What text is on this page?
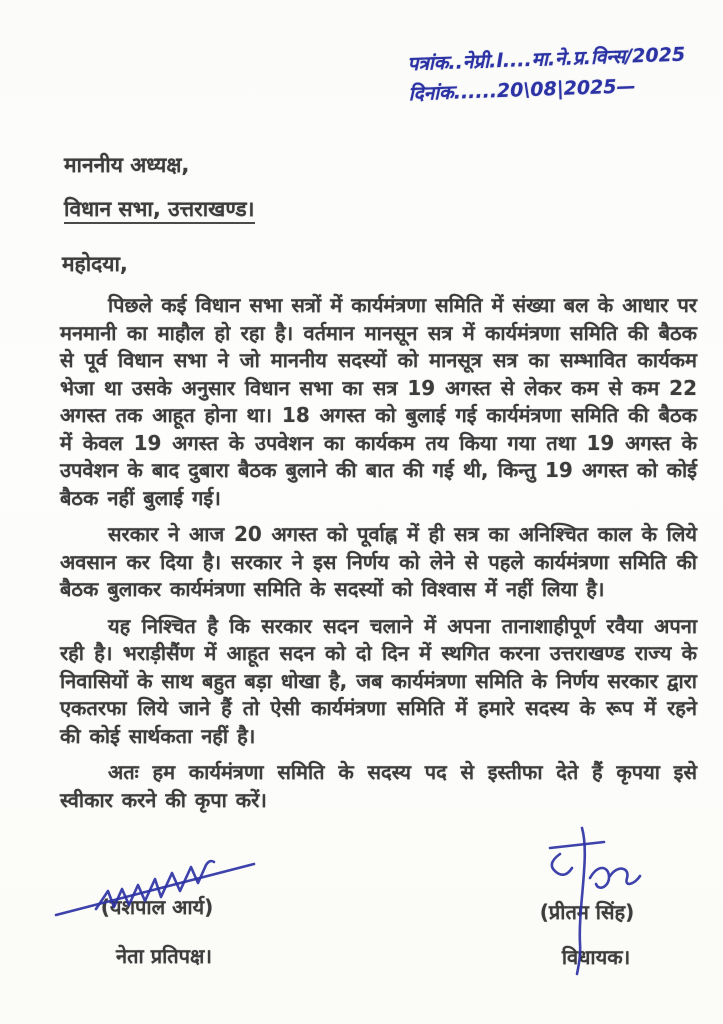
पत्रांक..नेप्री.l....मा.ने.प्र.विन्स/2025
दिनांक......20\08|2025—
माननीय अध्यक्ष,
विधान सभा, उत्तराखण्ड।
महोदया,

पिछले कई विधान सभा सत्रों में कार्यमंत्रणा समिति में संख्या बल के आधार पर मनमानी का माहौल हो रहा है। वर्तमान मानसून सत्र में कार्यमंत्रणा समिति की बैठक से पूर्व विधान सभा ने जो माननीय सदस्यों को मानसूत्र सत्र का सम्भावित कार्यकम भेजा था उसके अनुसार विधान सभा का सत्र 19 अगस्त से लेकर कम से कम 22 अगस्त तक आहूत होना था। 18 अगस्त को बुलाई गई कार्यमंत्रणा समिति की बैठक में केवल 19 अगस्त के उपवेशन का कार्यकम तय किया गया तथा 19 अगस्त के उपवेशन के बाद दुबारा बैठक बुलाने की बात की गई थी, किन्तु 19 अगस्त को कोई बैठक नहीं बुलाई गई।

सरकार ने आज 20 अगस्त को पूर्वाह्न में ही सत्र का अनिश्चित काल के लिये अवसान कर दिया है। सरकार ने इस निर्णय को लेने से पहले कार्यमंत्रणा समिति की बैठक बुलाकर कार्यमंत्रणा समिति के सदस्यों को विश्वास में नहीं लिया है।

यह निश्चित है कि सरकार सदन चलाने में अपना तानाशाहीपूर्ण रवैया अपना रही है। भराड़ीसैंण में आहूत सदन को दो दिन में स्थगित करना उत्तराखण्ड राज्य के निवासियों के साथ बहुत बड़ा धोखा है, जब कार्यमंत्रणा समिति के निर्णय सरकार द्वारा एकतरफा लिये जाने हैं तो ऐसी कार्यमंत्रणा समिति में हमारे सदस्य के रूप में रहने की कोई सार्थकता नहीं है।

अतः हम कार्यमंत्रणा समिति के सदस्य पद से इस्तीफा देते हैं कृपया इसे स्वीकार करने की कृपा करें।

(यशपाल आर्य)
नेता प्रतिपक्ष।
(प्रीतम सिंह)
विधायक।
